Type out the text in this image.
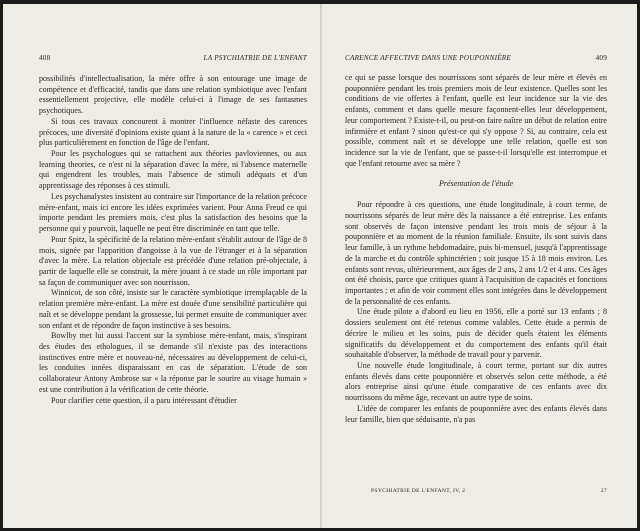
408	LA PSYCHIATRIE DE L'ENFANT

possibilités d'intellectualisation, la mère offre à son entourage une image de compétence et d'efficacité, tandis que dans une relation symbiotique avec l'enfant essentiellement projective, elle modèle celui-ci à l'image de ses fantasmes psychotiques.

Si tous ces travaux concourent à montrer l'influence néfaste des carences précoces, une diversité d'opinions existe quant à la nature de la « carence » et ceci plus particulièrement en fonction de l'âge de l'enfant.

Pour les psychologues qui se rattachent aux théories pavloviennes, ou aux learning theories, ce n'est ni la séparation d'avec la mère, ni l'absence maternelle qui engendrent les troubles, mais l'absence de stimuli adéquats et d'un apprentissage des réponses à ces stimuli.

Les psychanalystes insistent au contraire sur l'importance de la relation précoce mère-enfant, mais ici encore les idées exprimées varient. Pour Anna Freud ce qui importe pendant les premiers mois, c'est plus la satisfaction des besoins que la personne qui y pourvoit, laquelle ne peut être discriminée en tant que telle.

Pour Spitz, la spécificité de la relation mère-enfant s'établit autour de l'âge de 8 mois, signée par l'apparition d'angoisse à la vue de l'étranger et à la séparation d'avec la mère. La relation objectale est précédée d'une relation pré-objectale, à partir de laquelle elle se construit, la mère jouant à ce stade un rôle important par sa façon de communiquer avec son nourrisson.

Winnicot, de son côté, insiste sur le caractère symbiotique irremplaçable de la relation première mère-enfant. La mère est douée d'une sensibilité particulière qui naît et se développe pendant la grossesse, lui permet ensuite de communiquer avec son enfant et de répondre de façon instinctive à ses besoins.

Bowlby met lui aussi l'accent sur la symbiose mère-enfant, mais, s'inspirant des études des ethologues, il se demande s'il n'existe pas des interactions instinctives entre mère et nouveau-né, nécessaires au développement de celui-ci, les conduites innées disparaissant en cas de séparation. L'étude de son collaborateur Antony Ambrose sur « la réponse par le sourire au visage humain » est une contribution à la vérification de cette théorie.

Pour clarifier cette question, il a paru intéressant d'étudier

CARENCE AFFECTIVE DANS UNE POUPONNIÈRE	409

ce qui se passe lorsque des nourrissons sont séparés de leur mère et élevés en pouponnière pendant les trois premiers mois de leur existence. Quelles sont les conditions de vie offertes à l'enfant, quelle est leur incidence sur la vie des enfants, comment et dans quelle mesure façonnent-elles leur développement, leur comportement ? Existe-t-il, ou peut-on faire naître un début de relation entre infirmière et enfant ? sinon qu'est-ce qui s'y oppose ? Si, au contraire, cela est possible, comment naît et se développe une telle relation, quelle est son incidence sur la vie de l'enfant, que se passe-t-il lorsqu'elle est interrompue et que l'enfant retourne avec sa mère ?

Présentation de l'étude

Pour répondre à ces questions, une étude longitudinale, à court terme, de nourrissons séparés de leur mère dès la naissance a été entreprise. Les enfants sont observés de façon intensive pendant les trois mois de séjour à la pouponnière et au moment de la réunion familiale. Ensuite, ils sont suivis dans leur famille, à un rythme hebdomadaire, puis bi-mensuel, jusqu'à l'apprentissage de la marche et du contrôle sphinctérien ; soit jusque 15 à 18 mois environ. Les enfants sont revus, ultérieurement, aux âges de 2 ans, 2 ans 1/2 et 4 ans. Ces âges ont été choisis, parce que critiques quant à l'acquisition de capacités et fonctions importantes ; et afin de voir comment elles sont intégrées dans le développement de la personnalité de ces enfants.

Une étude pilote a d'abord eu lieu en 1956, elle a porté sur 13 enfants ; 8 dossiers seulement ont été retenus comme valables. Cette étude a permis de décrire le milieu et les soins, puis de décider quels étaient les éléments significatifs du développement et du comportement des enfants qu'il était souhaitable d'observer, la méthode de travail pour y parvenir.

Une nouvelle étude longitudinale, à court terme, portant sur dix autres enfants élevés dans cette pouponnière et observés selon cette méthode, a été alors entreprise ainsi qu'une étude comparative de ces enfants avec dix nourrissons du même âge, recevant un autre type de soins.

L'idée de comparer les enfants de pouponnière avec des enfants élevés dans leur famille, bien que séduisante, n'a pas

PSYCHIATRIE DE L'ENFANT, IV, 2	27
